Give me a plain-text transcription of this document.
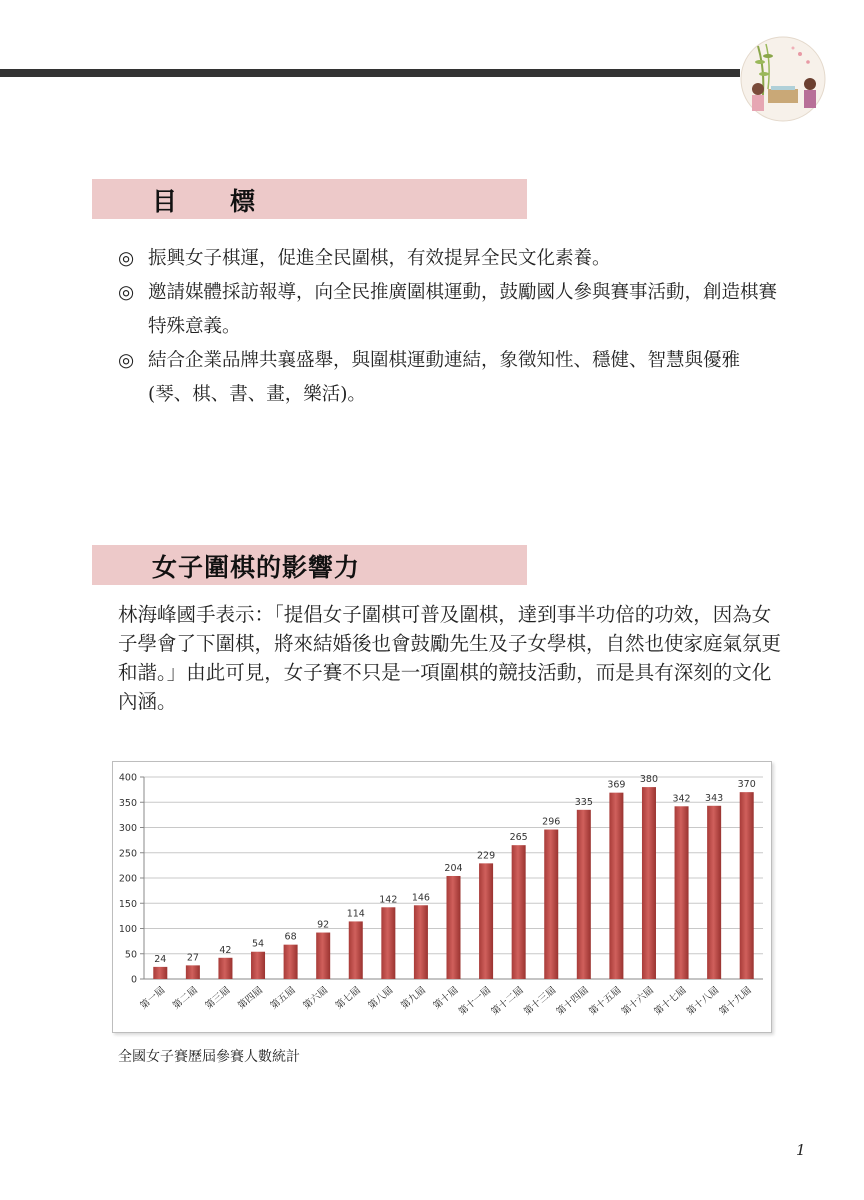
目　標
◎ 振興女子棋運，促進全民圍棋，有效提昇全民文化素養。
◎ 邀請媒體採訪報導，向全民推廣圍棋運動，鼓勵國人參與賽事活動，創造棋賽特殊意義。
◎ 結合企業品牌共襄盛舉，與圍棋運動連結，象徵知性、穩健、智慧與優雅(琴、棋、書、畫，樂活)。
女子圍棋的影響力

林海峰國手表示：「提倡女子圍棋可普及圍棋，達到事半功倍的功效，因為女子學會了下圍棋，將來結婚後也會鼓勵先生及子女學棋，自然也使家庭氣氛更和諧。」由此可見，女子賽不只是一項圍棋的競技活動，而是具有深刻的文化內涵。

0
50
100
150
200
250
300
350
400
24
第一屆
27
第二屆
42
第三屆
54
第四屆
68
第五屆
92
第六屆
114
第七屆
142
第八屆
146
第九屆
204
第十屆
229
第十一屆
265
第十二屆
296
第十三屆
335
第十四屆
369
第十五屆
380
第十六屆
342
第十七屆
343
第十八屆
370
第十九屆
全國女子賽歷屆參賽人數統計
1
